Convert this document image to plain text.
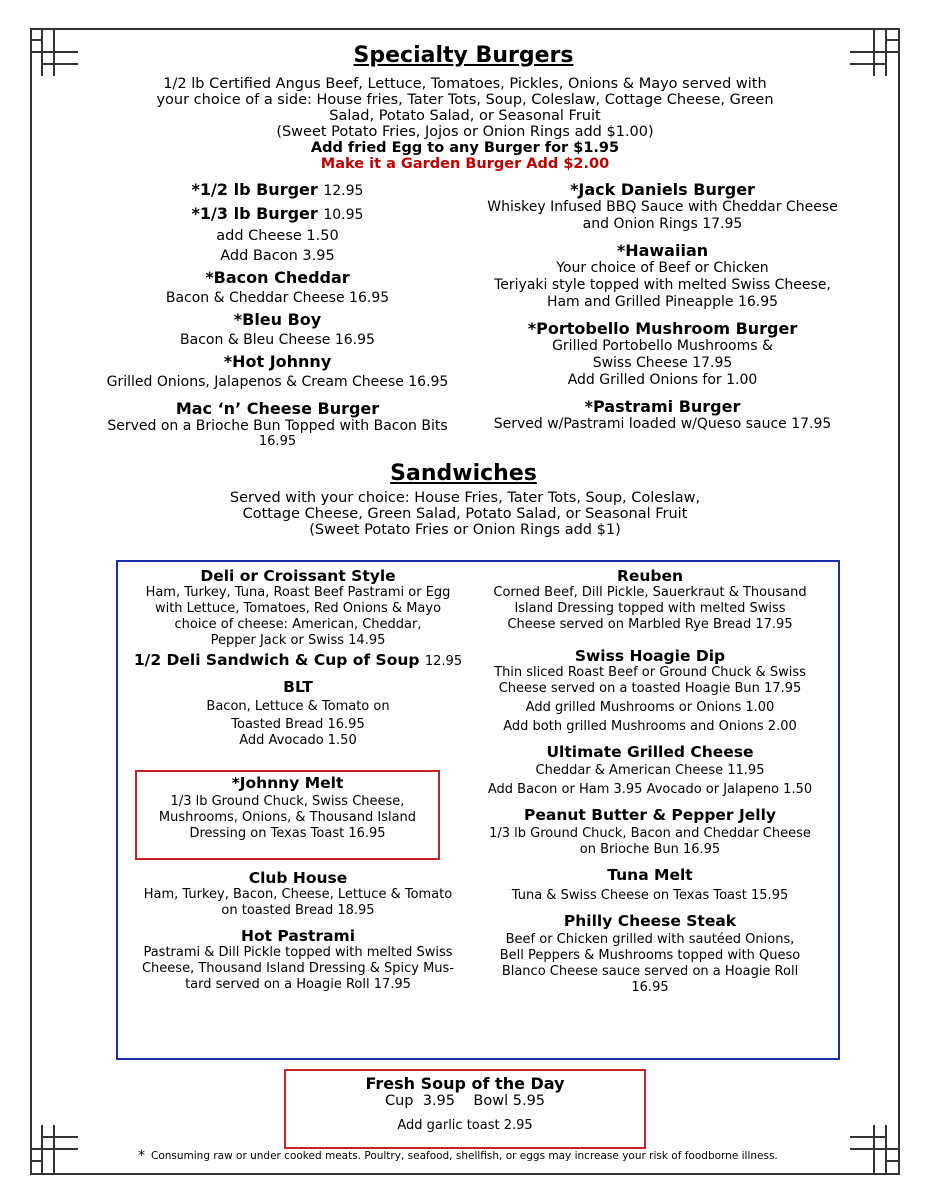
Specialty Burgers
1/2 lb Certified Angus Beef, Lettuce, Tomatoes, Pickles, Onions & Mayo served with
your choice of a side: House fries, Tater Tots, Soup, Coleslaw, Cottage Cheese, Green
Salad, Potato Salad, or Seasonal Fruit
(Sweet Potato Fries, Jojos or Onion Rings add $1.00)
Add fried Egg to any Burger for $1.95
Make it a Garden Burger Add $2.00
*1/2 lb Burger 12.95
*1/3 lb Burger 10.95
add Cheese 1.50
Add Bacon 3.95
*Bacon Cheddar
Bacon & Cheddar Cheese 16.95
*Bleu Boy
Bacon & Bleu Cheese 16.95
*Hot Johnny
Grilled Onions, Jalapenos & Cream Cheese 16.95
Mac ‘n’ Cheese Burger
Served on a Brioche Bun Topped with Bacon Bits
16.95
*Jack Daniels Burger
Whiskey Infused BBQ Sauce with Cheddar Cheese
and Onion Rings 17.95
*Hawaiian
Your choice of Beef or Chicken
Teriyaki style topped with melted Swiss Cheese,
Ham and Grilled Pineapple 16.95
*Portobello Mushroom Burger
Grilled Portobello Mushrooms &
Swiss Cheese 17.95
Add Grilled Onions for 1.00
*Pastrami Burger
Served w/Pastrami loaded w/Queso sauce 17.95
Sandwiches
Served with your choice: House Fries, Tater Tots, Soup, Coleslaw,
Cottage Cheese, Green Salad, Potato Salad, or Seasonal Fruit
(Sweet Potato Fries or Onion Rings add $1)
Deli or Croissant Style
Ham, Turkey, Tuna, Roast Beef Pastrami or Egg
with Lettuce, Tomatoes, Red Onions & Mayo
choice of cheese: American, Cheddar,
Pepper Jack or Swiss 14.95
1/2 Deli Sandwich & Cup of Soup 12.95
BLT
Bacon, Lettuce & Tomato on
Toasted Bread 16.95
Add Avocado 1.50
*Johnny Melt
1/3 lb Ground Chuck, Swiss Cheese,
Mushrooms, Onions, & Thousand Island
Dressing on Texas Toast 16.95
Club House
Ham, Turkey, Bacon, Cheese, Lettuce & Tomato
on toasted Bread 18.95
Hot Pastrami
Pastrami & Dill Pickle topped with melted Swiss
Cheese, Thousand Island Dressing & Spicy Mus-
tard served on a Hoagie Roll 17.95
Reuben
Corned Beef, Dill Pickle, Sauerkraut & Thousand
Island Dressing topped with melted Swiss
Cheese served on Marbled Rye Bread 17.95
Swiss Hoagie Dip
Thin sliced Roast Beef or Ground Chuck & Swiss
Cheese served on a toasted Hoagie Bun 17.95
Add grilled Mushrooms or Onions 1.00
Add both grilled Mushrooms and Onions 2.00
Ultimate Grilled Cheese
Cheddar & American Cheese 11.95
Add Bacon or Ham 3.95 Avocado or Jalapeno 1.50
Peanut Butter & Pepper Jelly
1/3 lb Ground Chuck, Bacon and Cheddar Cheese
on Brioche Bun 16.95
Tuna Melt
Tuna & Swiss Cheese on Texas Toast 15.95
Philly Cheese Steak
Beef or Chicken grilled with sautéed Onions,
Bell Peppers & Mushrooms topped with Queso
Blanco Cheese sauce served on a Hoagie Roll
16.95
Fresh Soup of the Day
Cup  3.95    Bowl 5.95
Add garlic toast 2.95
* Consuming raw or under cooked meats. Poultry, seafood, shellfish, or eggs may increase your risk of foodborne illness.
